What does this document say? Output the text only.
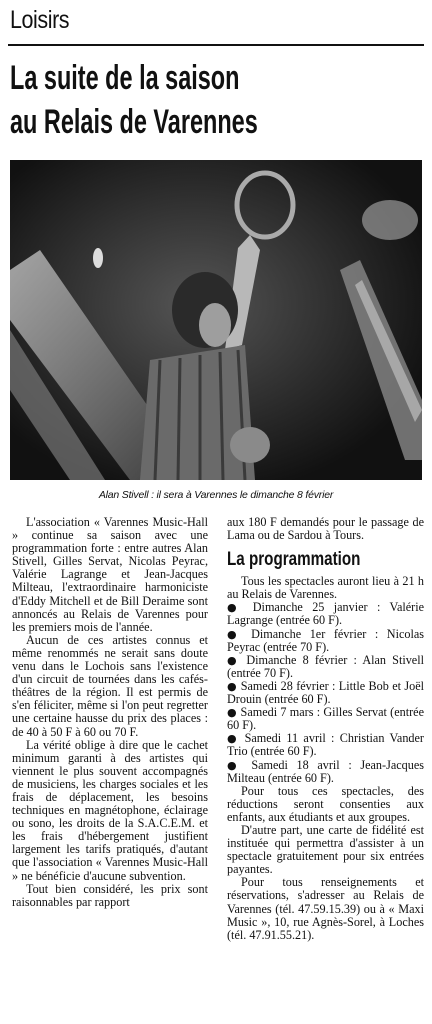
Loisirs
La suite de la saison
au Relais de Varennes
Alan Stivell : il sera à Varennes le dimanche 8 février

L'association « Varennes Music-Hall » continue sa saison avec une programmation forte : entre autres Alan Stivell, Gilles Servat, Nicolas Peyrac, Valérie Lagrange et Jean-Jacques Milteau, l'extraordinaire harmoniciste d'Eddy Mitchell et de Bill Deraime sont annoncés au Relais de Varennes pour les premiers mois de l'année.

Aucun de ces artistes connus et même renommés ne serait sans doute venu dans le Lochois sans l'existence d'un circuit de tournées dans les cafés-théâtres de la région. Il est permis de s'en féliciter, même si l'on peut regretter une certaine hausse du prix des places : de 40 à 50 F à 60 ou 70 F.

La vérité oblige à dire que le cachet minimum garanti à des artistes qui viennent le plus souvent accompagnés de musiciens, les charges sociales et les frais de déplacement, les besoins techniques en magnétophone, éclairage ou sono, les droits de la S.A.C.E.M. et les frais d'hébergement justifient largement les tarifs pratiqués, d'autant que l'association « Varennes Music-Hall » ne bénéficie d'aucune subvention.

Tout bien considéré, les prix sont raisonnables par rapport

aux 180 F demandés pour le passage de Lama ou de Sardou à Tours.

La programmation

Tous les spectacles auront lieu à 21 h au Relais de Varennes.

● Dimanche 25 janvier : Valérie Lagrange (entrée 60 F).

● Dimanche 1er février : Nicolas Peyrac (entrée 70 F).

● Dimanche 8 février : Alan Stivell (entrée 70 F).

● Samedi 28 février : Little Bob et Joël Drouin (entrée 60 F).

● Samedi 7 mars : Gilles Servat (entrée 60 F).

● Samedi 11 avril : Christian Vander Trio (entrée 60 F).

● Samedi 18 avril : Jean-Jacques Milteau (entrée 60 F).

Pour tous ces spectacles, des réductions seront consenties aux enfants, aux étudiants et aux groupes.

D'autre part, une carte de fidélité est instituée qui permettra d'assister à un spectacle gratuitement pour six entrées payantes.

Pour tous renseignements et réservations, s'adresser au Relais de Varennes (tél. 47.59.15.39) ou à « Maxi Music », 10, rue Agnès-Sorel, à Loches (tél. 47.91.55.21).
